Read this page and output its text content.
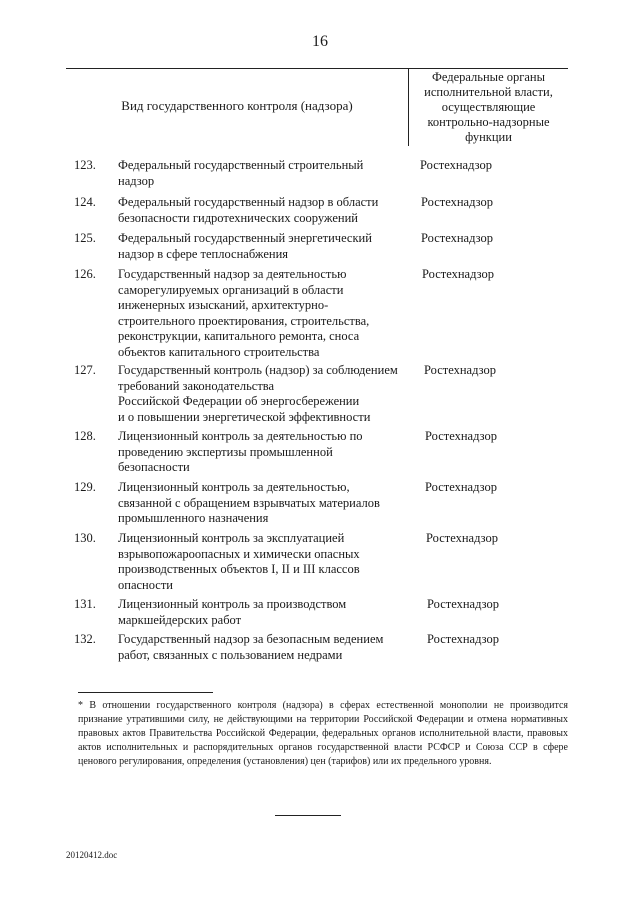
16
Вид государственного контроля (надзора)
Федеральные органы
исполнительной власти,
осуществляющие
контрольно-надзорные
функции
123. Федеральный государственный строительный
надзор
Ростехнадзор
124. Федеральный государственный надзор в области
безопасности гидротехнических сооружений
Ростехнадзор
125. Федеральный государственный энергетический
надзор в сфере теплоснабжения
Ростехнадзор
126. Государственный надзор за деятельностью
саморегулируемых организаций в области
инженерных изысканий, архитектурно-
строительного проектирования, строительства,
реконструкции, капитального ремонта, сноса
объектов капитального строительства
Ростехнадзор
127. Государственный контроль (надзор) за соблюдением
требований законодательства
Российской Федерации об энергосбережении
и о повышении энергетической эффективности
Ростехнадзор
128. Лицензионный контроль за деятельностью по
проведению экспертизы промышленной
безопасности
Ростехнадзор
129. Лицензионный контроль за деятельностью,
связанной с обращением взрывчатых материалов
промышленного назначения
Ростехнадзор
130. Лицензионный контроль за эксплуатацией
взрывопожароопасных и химически опасных
производственных объектов I, II и III классов
опасности
Ростехнадзор
131. Лицензионный контроль за производством
маркшейдерских работ
Ростехнадзор
132. Государственный надзор за безопасным ведением
работ, связанных с пользованием недрами
Ростехнадзор
* В отношении государственного контроля (надзора) в сферах естественной монополии не производится признание утратившими силу, не действующими на территории Российской Федерации и отмена нормативных правовых актов Правительства Российской Федерации, федеральных органов исполнительной власти, правовых актов исполнительных и распорядительных органов государственной власти РСФСР и Союза ССР в сфере ценового регулирования, определения (установления) цен (тарифов) или их предельного уровня.
20120412.doc
